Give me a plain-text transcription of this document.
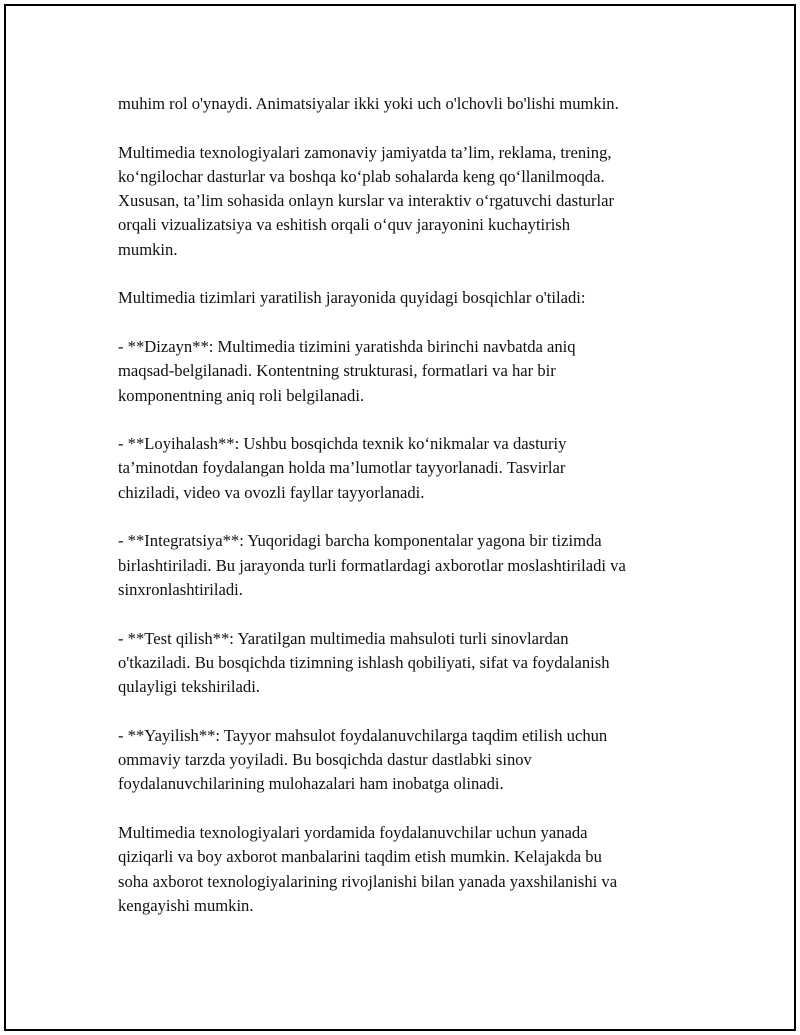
muhim rol o'ynaydi. Animatsiyalar ikki yoki uch o'lchovli bo'lishi mumkin.

Multimedia texnologiyalari zamonaviy jamiyatda ta’lim, reklama, trening,
ko‘ngilochar dasturlar va boshqa ko‘plab sohalarda keng qo‘llanilmoqda.
Xususan, ta’lim sohasida onlayn kurslar va interaktiv o‘rgatuvchi dasturlar
orqali vizualizatsiya va eshitish orqali o‘quv jarayonini kuchaytirish
mumkin.

Multimedia tizimlari yaratilish jarayonida quyidagi bosqichlar o'tiladi:

- **Dizayn**: Multimedia tizimini yaratishda birinchi navbatda aniq
maqsad-belgilanadi. Kontentning strukturasi, formatlari va har bir
komponentning aniq roli belgilanadi.

- **Loyihalash**: Ushbu bosqichda texnik ko‘nikmalar va dasturiy
ta’minotdan foydalangan holda ma’lumotlar tayyorlanadi. Tasvirlar
chiziladi, video va ovozli fayllar tayyorlanadi.

- **Integratsiya**: Yuqoridagi barcha komponentalar yagona bir tizimda
birlashtiriladi. Bu jarayonda turli formatlardagi axborotlar moslashtiriladi va
sinxronlashtiriladi.

- **Test qilish**: Yaratilgan multimedia mahsuloti turli sinovlardan
o'tkaziladi. Bu bosqichda tizimning ishlash qobiliyati, sifat va foydalanish
qulayligi tekshiriladi.

- **Yayilish**: Tayyor mahsulot foydalanuvchilarga taqdim etilish uchun
ommaviy tarzda yoyiladi. Bu bosqichda dastur dastlabki sinov
foydalanuvchilarining mulohazalari ham inobatga olinadi.

Multimedia texnologiyalari yordamida foydalanuvchilar uchun yanada
qiziqarli va boy axborot manbalarini taqdim etish mumkin. Kelajakda bu
soha axborot texnologiyalarining rivojlanishi bilan yanada yaxshilanishi va
kengayishi mumkin.
